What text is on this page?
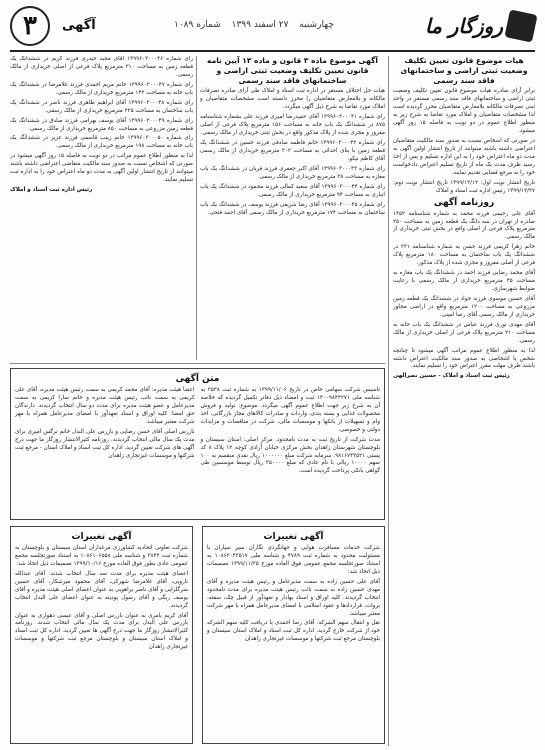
۳	آگهی	چهارشنبه ۲۷ اسفند ۱۳۹۹ شماره ۱۰۸۹	روزگار ما
هیات موضوع قانون تعیین تکلیف وضعیت ثبتی اراضی و ساختمانهای فاقد سند رسمی

برابر آرای صادره هیات موضوع قانون تعیین تکلیف وضعیت ثبتی اراضی و ساختمانهای فاقد سند رسمی مستقر در واحد ثبتی تصرفات مالکانه بلامعارض متقاضیان محرز گردیده است لذا مشخصات متقاضیان و املاک مورد تقاضا به شرح زیر به منظور اطلاع عموم در دو نوبت به فاصله ۱۵ روز آگهی میشود.

در صورتی که اشخاص نسبت به صدور سند مالکیت متقاضیان اعتراضی داشته باشند میتوانند از تاریخ انتشار اولین آگهی به مدت دو ماه اعتراض خود را به این اداره تسلیم و پس از اخذ رسید ظرف مدت یک ماه از تاریخ تسلیم اعتراض دادخواست خود را به مرجع قضایی تقدیم نمایند.

تاریخ انتشار نوبت اول: ۱۳۹۹/۱۲/۱۲ تاریخ انتشار نوبت دوم: ۱۳۹۹/۱۲/۲۷ رئیس اداره ثبت اسناد و املاک

روزنامه آگهی

آقای علی رحیمی فرزند محمد به شماره شناسنامه ۱۴۵۲ صادره از تهران در سه دانگ یک قطعه زمین به مساحت ۲۵۰ مترمربع پلاک فرعی از اصلی واقع در بخش ثبتی خریداری از مالک رسمی.

خانم زهرا کریمی فرزند حسن به شماره شناسنامه ۲۳۱ در ششدانگ یک باب ساختمان به مساحت ۱۸۰ مترمربع پلاک فرعی از اصلی مفروز و مجزی شده از پلاک مذکور.

آقای محمد رضایی فرزند احمد در ششدانگ یک باب مغازه به مساحت ۴۵ مترمربع خریداری از مالک رسمی با رعایت ضوابط شهرسازی.

آقای حسین موسوی فرزند جواد در ششدانگ یک قطعه زمین مزروعی به مساحت ۱۲۰۰ مترمربع واقع در اراضی مجاور خریداری از مالک رسمی آقای رضا امینی.

آقای مهدی نوری فرزند عباس در ششدانگ یک باب خانه به مساحت ۲۱۰ مترمربع پلاک فرعی از اصلی خریداری از مالک رسمی.

لذا به منظور اطلاع عموم مراتب آگهی میشود تا چنانچه شخص یا اشخاصی به صدور سند مالکیت اعتراض داشته باشند ظرف مهلت مقرر اعتراض خود را تسلیم نمایند.

رئیس ثبت اسناد و املاک - حسین نصرالهی

آگهی موضوع ماده ۳ قانون و ماده ۱۳ آیین نامه قانون تعیین تکلیف وضعیت ثبتی اراضی و ساختمانهای فاقد سند رسمی

هیات حل اختلاف مستقر در اداره ثبت اسناد و املاک طی آرای صادره تصرفات مالکانه و بلامعارض متقاضیان را محرز دانسته است مشخصات متقاضیان و املاک مورد تقاضا به شرح ذیل آگهی میگردد.

رای شماره ۱۳۹۹۶۰۳۰۰۰۴۱ آقای حمیدرضا امیری فرزند علی بشماره شناسنامه ۸۷۵ در ششدانگ یک باب خانه به مساحت ۱۵۶ مترمربع پلاک فرعی از اصلی مفروز و مجزی شده از پلاک مذکور واقع در بخش ثبتی خریداری از مالک رسمی.

رای شماره ۱۳۹۹۶۰۳۰۰۰۴۲ خانم فاطمه صادقی فرزند حسین در ششدانگ یک قطعه زمین با بنای احداثی به مساحت ۲۰۲ مترمربع خریداری از مالک رسمی آقای کاظم نیکو.

رای شماره ۱۳۹۹۶۰۳۰۰۰۴۳ آقای اکبر جعفری فرزند قربان در ششدانگ یک باب مغازه به مساحت ۳۸ مترمربع خریداری از مالک رسمی.

رای شماره ۱۳۹۹۶۰۳۰۰۰۴۴ آقای سعید کمالی فرزند محمود در ششدانگ یک باب انباری به مساحت ۹۴ مترمربع خریداری از مالک رسمی.

رای شماره ۱۳۹۹۶۰۳۰۰۰۴۵ آقای رضا شریفی فرزند یوسف در ششدانگ یک باب ساختمان به مساحت ۱۷۴ مترمربع خریداری از مالک رسمی آقای احمد فتحی.

رای شماره ۱۳۹۹۶۰۳۰۰۰۴۶ آقای مجید حیدری فرزند کریم در ششدانگ یک قطعه زمین به مساحت ۳۱۰ مترمربع پلاک فرعی از اصلی خریداری از مالک رسمی.

رای شماره ۱۳۹۹۶۰۳۰۰۰۴۷ خانم مریم احمدی فرزند غلامرضا در ششدانگ یک باب خانه به مساحت ۱۴۲ مترمربع خریداری از مالک رسمی.

رای شماره ۱۳۹۹۶۰۳۰۰۰۴۸ آقای ابراهیم طاهری فرزند ناصر در ششدانگ یک باب ساختمان به مساحت ۲۲۵ مترمربع خریداری از مالک رسمی.

رای شماره ۱۳۹۹۶۰۳۰۰۰۴۹ آقای یوسف بهرامی فرزند صادق در ششدانگ یک قطعه زمین مزروعی به مساحت ۸۵۰ مترمربع خریداری از مالک رسمی.

رای شماره ۱۳۹۹۶۰۳۰۰۰۵۰ خانم زینب قاسمی فرزند عزیز در ششدانگ یک باب خانه به مساحت ۱۹۸ مترمربع خریداری از مالک رسمی.

لذا به منظور اطلاع عموم مراتب در دو نوبت به فاصله ۱۵ روز آگهی میشود در صورتی که اشخاص نسبت به صدور سند مالکیت متقاضی اعتراضی داشته باشند میتوانند از تاریخ انتشار اولین آگهی به مدت دو ماه اعتراض خود را به اداره ثبت تسلیم نمایند.

رئیس اداره ثبت اسناد و املاک

متن آگهی

تاسیس شرکت سهامی خاص در تاریخ ۱۳۹۹/۱۱/۰۶ به شماره ثبت ۲۵۳۸ به شناسه ملی ۱۴۰۰۹۸۴۳۲۷۱ ثبت و امضاء ذیل دفاتر تکمیل گردیده که خلاصه آن به شرح زیر جهت اطلاع عموم آگهی میگردد. موضوع: تولید و فروش محصولات غذایی و بسته بندی، واردات و صادرات کالاهای مجاز بازرگانی، اخذ وام و تسهیلات از بانکها و موسسات مالی، شرکت در مناقصات و مزایدات دولتی و خصوصی.

مدت شرکت از تاریخ ثبت به مدت نامحدود. مرکز اصلی: استان سیستان و بلوچستان شهرستان زاهدان بخش مرکزی خیابان آزادی کوچه ۱۲ پلاک ۸ کد پستی ۹۸۱۶۷۴۳۵۲۱. سرمایه شرکت مبلغ ۱۰۰۰۰۰۰ ریال نقدی منقسم به ۱۰۰ سهم ۱۰۰۰۰ ریالی با نام عادی که مبلغ ۳۵۰۰۰۰ ریال توسط موسسین طی گواهی بانکی پرداخت گردیده است.

اعضا هیئت مدیره: آقای محمد کریمی به سمت رئیس هیئت مدیره، آقای علی کریمی به سمت نائب رئیس هیئت مدیره و خانم سارا کریمی به سمت مدیرعامل و عضو هیئت مدیره برای مدت دو سال انتخاب گردیدند. دارندگان حق امضا: کلیه اوراق و اسناد تعهدآور با امضای مدیرعامل همراه با مهر شرکت معتبر میباشد.

بازرس اصلی آقای حسن رضایی و بازرس علی البدل خانم نرگس امیری برای مدت یک سال مالی انتخاب گردیدند. روزنامه کثیرالانتشار روزگار ما جهت درج آگهی های شرکت تعیین گردید. اداره کل ثبت اسناد و املاک استان - مرجع ثبت شرکتها و موسسات غیرتجاری زاهدان

آگهی تغییرات

شرکت خدمات مسافرت هوایی و جهانگردی نگاران سیر سپاران با مسئولیت محدود به شماره ثبت ۴۷۸۹ و شناسه ملی ۱۰۸۶۲۰۴۳۵۱۷ به استناد صورتجلسه مجمع عمومی فوق العاده مورخ ۱۳۹۹/۱۱/۲۵ تصمیمات ذیل اتخاذ شد:

آقای علی حسین زاده به سمت مدیرعامل و رئیس هیئت مدیره و آقای مهدی حسین زاده به سمت نائب رئیس هیئت مدیره برای مدت نامحدود انتخاب گردیدند. کلیه اوراق و اسناد بهادار و تعهدآور از قبیل چک، سفته، بروات، قراردادها و عقود اسلامی با امضای مدیرعامل همراه با مهر شرکت معتبر میباشد.

نقل و انتقال سهم الشرکه: آقای رضا احمدی با دریافت کلیه سهم الشرکه خود از شرکت خارج گردید. اداره کل ثبت اسناد و املاک استان سیستان و بلوچستان مرجع ثبت شرکتها و موسسات غیرتجاری زاهدان

آگهی تغییرات

شرکت تعاونی اتحادیه کشاورزی مرغداران استان سیستان و بلوچستان به شماره ثبت ۲۸۴۲ و شناسه ملی ۱۰۸۶۱۰۶۵۵۸ به استناد صورتجلسه مجمع عمومی عادی بطور فوق العاده مورخ ۱۳۹۹/۱۰/۱۶ تصمیمات ذیل اتخاذ شد:

اعضای هیئت مدیره برای مدت سه سال انتخاب شدند: آقای عبدالله نارویی، آقای غلامرضا شهرکی، آقای محمود میرشکار، آقای حسین سرگلزایی و آقای ناصر براهویی به عنوان اعضای اصلی هیئت مدیره و آقای یوسف ریگی و آقای رسول پودینه به عنوان اعضای علی البدل انتخاب گردیدند.

آقای کریم بامری به عنوان بازرس اصلی و آقای عیسی دهواری به عنوان بازرس علی البدل برای مدت یک سال مالی انتخاب شدند. روزنامه کثیرالانتشار روزگار ما جهت درج آگهی ها تعیین گردید. اداره کل ثبت اسناد و املاک استان سیستان و بلوچستان مرجع ثبت شرکتها و موسسات غیرتجاری زاهدان
